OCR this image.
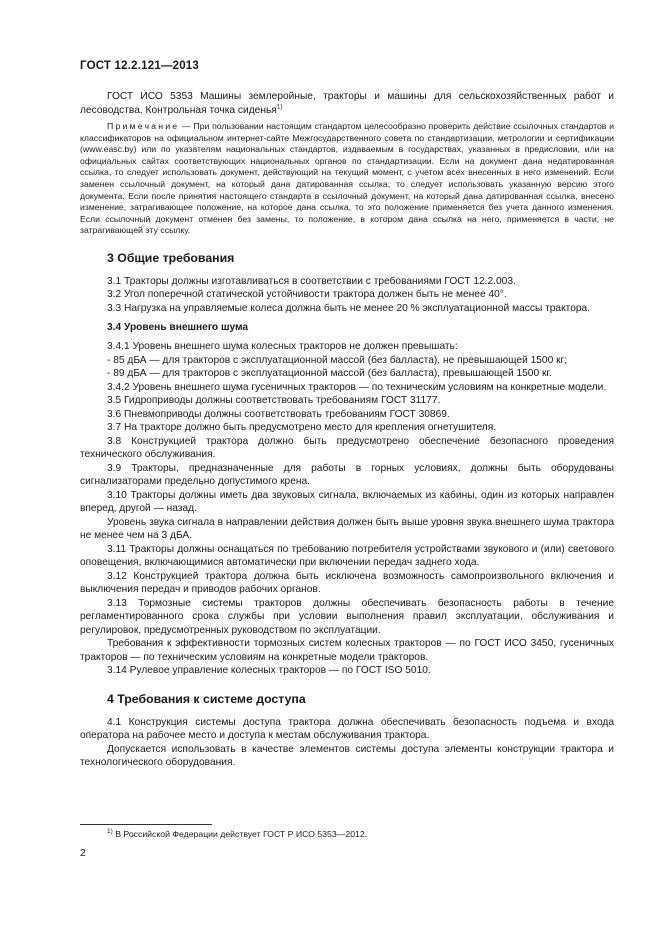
ГОСТ 12.2.121—2013

ГОСТ ИСО 5353 Машины землеройные, тракторы и машины для сельскохозяйственных работ и лесоводства. Контрольная точка сиденья$^{1)}$

Примечание — При пользовании настоящим стандартом целесообразно проверить действие ссылочных стандартов и классификаторов на официальном интернет-сайте Межгосударственного совета по стандартизации, метрологии и сертификации (www.easc.by) или по указателям национальных стандартов, издаваемым в государствах, указанных в предисловии, или на официальных сайтах соответствующих национальных органов по стандартизации. Если на документ дана недатированная ссылка, то следует использовать документ, действующий на текущий момент, с учетом всех внесенных в него изменений. Если заменен ссылочный документ, на который дана датированная ссылка, то следует использовать указанную версию этого документа. Если после принятия настоящего стандарта в ссылочный документ, на который дана датированная ссылка, внесено изменение, затрагивающее положение, на которое дана ссылка, то это положение применяется без учета данного изменения. Если ссылочный документ отменен без замены, то положение, в котором дана ссылка на него, применяется в части, не затрагивающей эту ссылку.

3 Общие требования

3.1 Тракторы должны изготавливаться в соответствии с требованиями ГОСТ 12.2.003.

3.2 Угол поперечной статической устойчивости трактора должен быть не менее 40°.

3.3 Нагрузка на управляемые колеса должна быть не менее 20 % эксплуатационной массы трактора.

3.4 Уровень внешнего шума

3.4.1 Уровень внешнего шума колесных тракторов не должен превышать:

- 85 дБА — для тракторов с эксплуатационной массой (без балласта), не превышающей 1500 кг;

- 89 дБА — для тракторов с эксплуатационной массой (без балласта), превышающей 1500 кг.

3.4.2 Уровень внешнего шума гусеничных тракторов — по техническим условиям на конкретные модели.

3.5 Гидроприводы должны соответствовать требованиям ГОСТ 31177.

3.6 Пневмоприводы должны соответствовать требованиям ГОСТ 30869.

3.7 На тракторе должно быть предусмотрено место для крепления огнетушителя.

3.8 Конструкцией трактора должно быть предусмотрено обеспечение безопасного проведения технического обслуживания.

3.9 Тракторы, предназначенные для работы в горных условиях, должны быть оборудованы сигнализаторами предельно допустимого крена.

3.10 Тракторы должны иметь два звуковых сигнала, включаемых из кабины, один из которых направлен вперед, другой — назад.

Уровень звука сигнала в направлении действия должен быть выше уровня звука внешнего шума трактора не менее чем на 3 дБА.

3.11 Тракторы должны оснащаться по требованию потребителя устройствами звукового и (или) светового оповещения, включающимися автоматически при включении передач заднего хода.

3.12 Конструкцией трактора должна быть исключена возможность самопроизвольного включения и выключения передач и приводов рабочих органов.

3.13 Тормозные системы тракторов должны обеспечивать безопасность работы в течение регламентированного срока службы при условии выполнения правил эксплуатации, обслуживания и регулировок, предусмотренных руководством по эксплуатации.

Требования к эффективности тормозных систем колесных тракторов — по ГОСТ ИСО 3450, гусеничных тракторов — по техническим условиям на конкретные модели тракторов.

3.14 Рулевое управление колесных тракторов — по ГОСТ ISO 5010.

4 Требования к системе доступа

4.1 Конструкция системы доступа трактора должна обеспечивать безопасность подъема и входа оператора на рабочее место и доступа к местам обслуживания трактора.

Допускается использовать в качестве элементов системы доступа элементы конструкции трактора и технологического оборудования.

$^{1)}$ В Российской Федерации действует ГОСТ Р ИСО 5353—2012.
2
